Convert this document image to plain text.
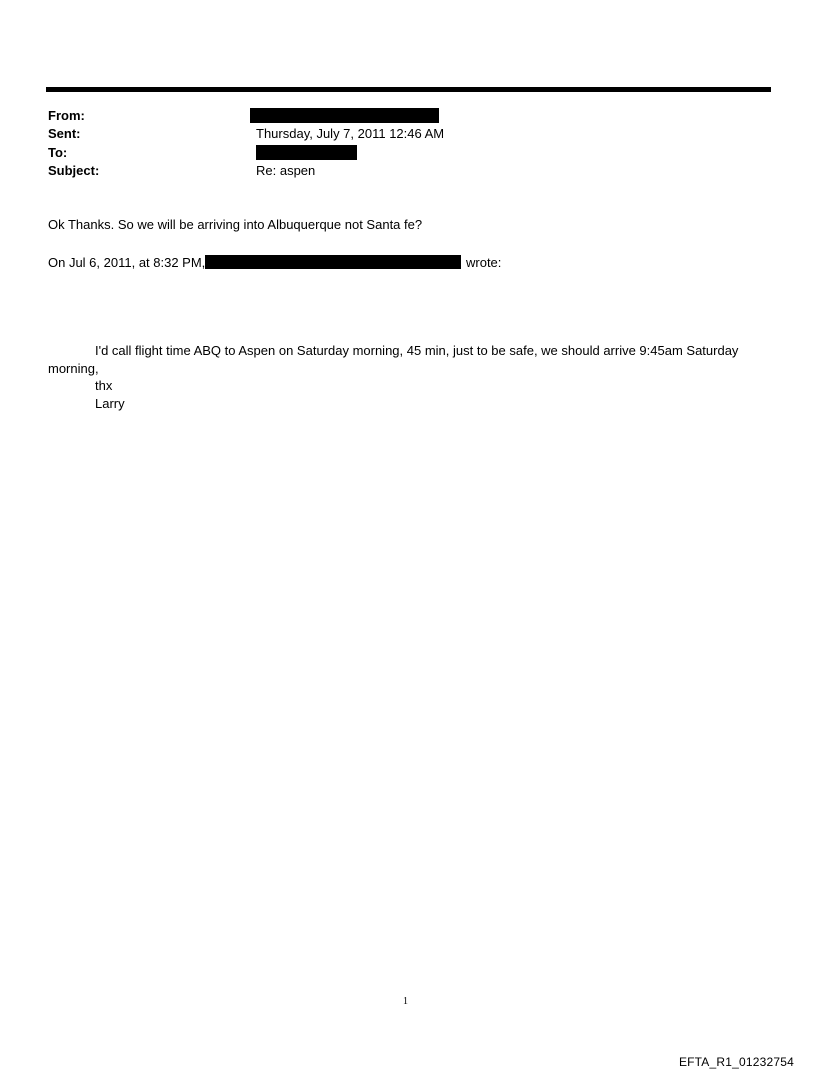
From:
Sent:
To:
Subject:
Thursday, July 7, 2011 12:46 AM
Re: aspen
Ok Thanks. So we will be arriving into Albuquerque not Santa fe?
On Jul 6, 2011, at 8:32 PM,	wrote:

I'd call flight time ABQ to Aspen on Saturday morning, 45 min, just to be safe, we should arrive 9:45am Saturday morning,

thx

Larry

1
EFTA_R1_01232754
